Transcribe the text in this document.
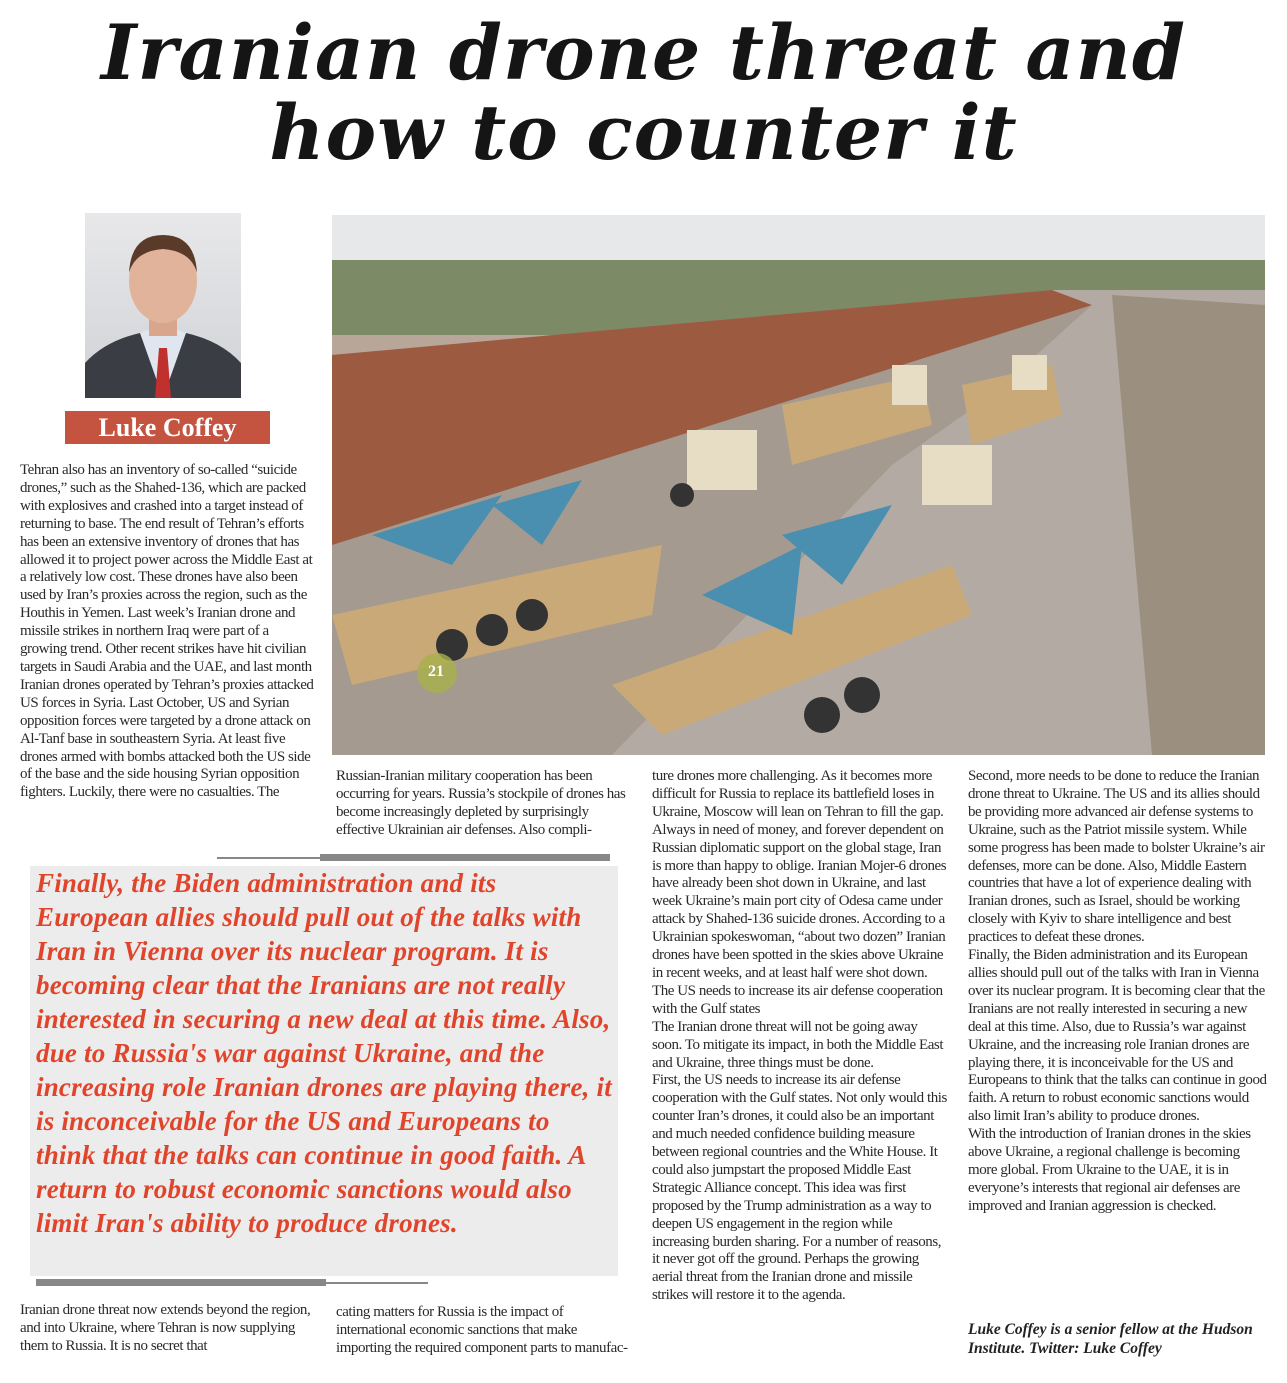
Iranian drone threat and
how to counter it
Luke Coffey
21

Tehran also has an inventory of so-called “suicide drones,” such as the Shahed-136, which are packed with explosives and crashed into a target instead of returning to base. The end result of Tehran’s efforts has been an extensive inventory of drones that has allowed it to project power across the Middle East at a relatively low cost. These drones have also been used by Iran’s proxies across the region, such as the Houthis in Yemen. Last week’s Iranian drone and missile strikes in northern Iraq were part of a growing trend. Other recent strikes have hit civilian targets in Saudi Arabia and the UAE, and last month Iranian drones operated by Tehran’s proxies attacked US forces in Syria. Last October, US and Syrian opposition forces were targeted by a drone attack on Al-Tanf base in southeastern Syria. At least five drones armed with bombs attacked both the US side of the base and the side housing Syrian opposition fighters. Luckily, there were no casualties. The

Russian-Iranian military cooperation has been occurring for years. Russia’s stockpile of drones has become increasingly depleted by surprisingly effective Ukrainian air defenses. Also compli-

ture drones more challenging. As it becomes more difficult for Russia to replace its battlefield loses in Ukraine, Moscow will lean on Tehran to fill the gap. Always in need of money, and forever dependent on Russian diplomatic support on the global stage, Iran is more than happy to oblige. Iranian Mojer-6 drones have already been shot down in Ukraine, and last week Ukraine’s main port city of Odesa came under attack by Shahed-136 suicide drones. According to a Ukrainian spokeswoman, “about two dozen” Iranian drones have been spotted in the skies above Ukraine in recent weeks, and at least half were shot down.

The US needs to increase its air defense cooperation with the Gulf states

The Iranian drone threat will not be going away soon. To mitigate its impact, in both the Middle East and Ukraine, three things must be done.

First, the US needs to increase its air defense cooperation with the Gulf states. Not only would this counter Iran’s drones, it could also be an important and much needed confidence building measure between regional countries and the White House. It could also jumpstart the proposed Middle East Strategic Alliance concept. This idea was first proposed by the Trump administration as a way to deepen US engagement in the region while increasing burden sharing. For a number of reasons, it never got off the ground. Perhaps the growing aerial threat from the Iranian drone and missile strikes will restore it to the agenda.

Second, more needs to be done to reduce the Iranian drone threat to Ukraine. The US and its allies should be providing more advanced air defense systems to Ukraine, such as the Patriot missile system. While some progress has been made to bolster Ukraine’s air defenses, more can be done. Also, Middle Eastern countries that have a lot of experience dealing with Iranian drones, such as Israel, should be working closely with Kyiv to share intelligence and best practices to defeat these drones.

Finally, the Biden administration and its European allies should pull out of the talks with Iran in Vienna over its nuclear program. It is becoming clear that the Iranians are not really interested in securing a new deal at this time. Also, due to Russia’s war against Ukraine, and the increasing role Iranian drones are playing there, it is inconceivable for the US and Europeans to think that the talks can continue in good faith. A return to robust economic sanctions would also limit Iran’s ability to produce drones.

With the introduction of Iranian drones in the skies above Ukraine, a regional challenge is becoming more global. From Ukraine to the UAE, it is in everyone’s interests that regional air defenses are improved and Iranian aggression is checked.

Finally, the Biden administration and its European allies should pull out of the talks with Iran in Vienna over its nuclear program. It is becoming clear that the Iranians are not really interested in securing a new deal at this time. Also, due to Russia's war against Ukraine, and the increasing role Iranian drones are playing there, it is inconceivable for the US and Europeans to think that the talks can continue in good faith. A return to robust economic sanctions would also limit Iran's ability to produce drones.

Iranian drone threat now extends beyond the region, and into Ukraine, where Tehran is now supplying them to Russia. It is no secret that

cating matters for Russia is the impact of international economic sanctions that make importing the required component parts to manufac-

Luke Coffey is a senior fellow at the Hudson Institute. Twitter: Luke Coffey
